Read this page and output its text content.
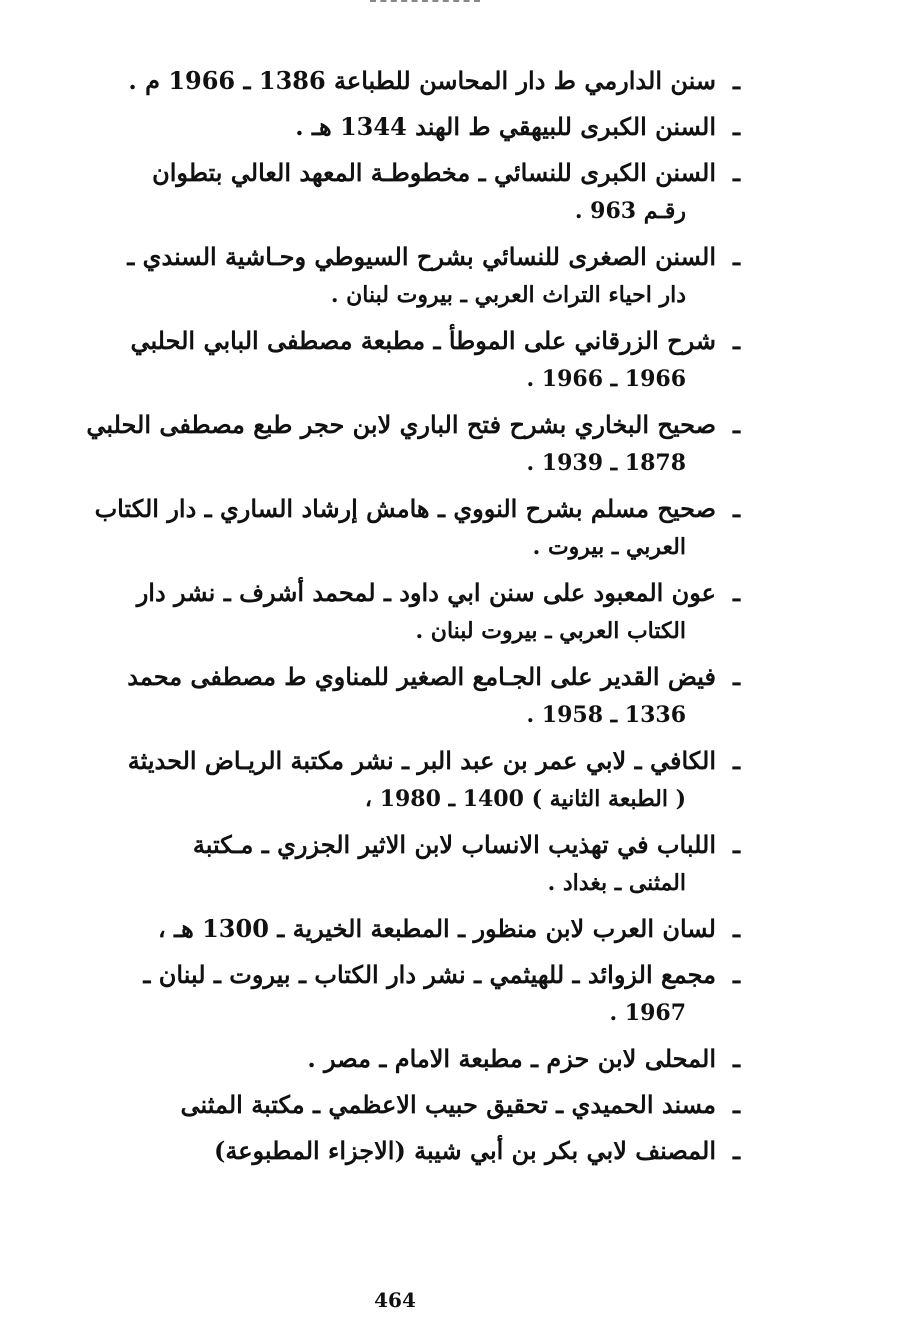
ـ
سنن الدارمي ط دار المحاسن للطباعة 1386 ـ 1966 م .
ـ
السنن الكبرى للبيهقي ط الهند 1344 هـ .
ـ
السنن الكبرى للنسائي ـ مخطوطـة المعهد العالي بتطوان
رقـم 963 .
ـ
السنن الصغرى للنسائي بشرح السيوطي وحـاشية السندي ـ
دار احياء التراث العربي ـ بيروت لبنان .
ـ
شرح الزرقاني على الموطأ ـ مطبعة مصطفى البابي الحلبي
1966 ـ 1966 .
ـ
صحيح البخاري بشرح فتح الباري لابن حجر طبع مصطفى الحلبي
1878 ـ 1939 .
ـ
صحيح مسلم بشرح النووي ـ هامش إرشاد الساري ـ دار الكتاب
العربي ـ بيروت .
ـ
عون المعبود على سنن ابي داود ـ لمحمد أشرف ـ نشر دار
الكتاب العربي ـ بيروت لبنان .
ـ
فيض القدير على الجـامع الصغير للمناوي ط مصطفى محمد
1336 ـ 1958 .
ـ
الكافي ـ لابي عمر بن عبد البر ـ نشر مكتبة الريـاض الحديثة
( الطبعة الثانية ) 1400 ـ 1980 ،
ـ
اللباب في تهذيب الانساب لابن الاثير الجزري ـ مـكتبة
المثنى ـ بغداد .
ـ
لسان العرب لابن منظور ـ المطبعة الخيرية ـ 1300 هـ ،
ـ
مجمع الزوائد ـ للهيثمي ـ نشر دار الكتاب ـ بيروت ـ لبنان ـ
1967 .
ـ
المحلى لابن حزم ـ مطبعة الامام ـ مصر .
ـ
مسند الحميدي ـ تحقيق حبيب الاعظمي ـ مكتبة المثنى
ـ
المصنف لابي بكر بن أبي شيبة (الاجزاء المطبوعة)
464
